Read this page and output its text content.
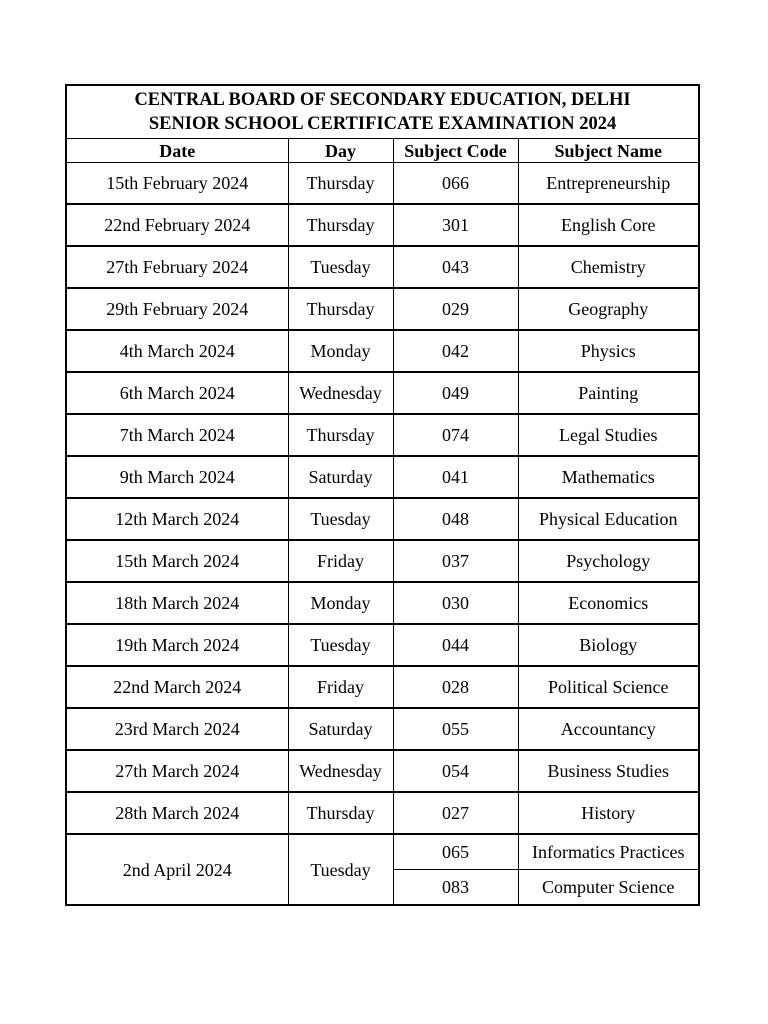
CENTRAL BOARD OF SECONDARY EDUCATION, DELHI
SENIOR SCHOOL CERTIFICATE EXAMINATION 2024			

Date	Day	Subject Code	Subject Name
15th February 2024	Thursday	066	Entrepreneurship
22nd February 2024	Thursday	301	English Core
27th February 2024	Tuesday	043	Chemistry
29th February 2024	Thursday	029	Geography
4th March 2024	Monday	042	Physics
6th March 2024	Wednesday	049	Painting
7th March 2024	Thursday	074	Legal Studies
9th March 2024	Saturday	041	Mathematics
12th March 2024	Tuesday	048	Physical Education
15th March 2024	Friday	037	Psychology
18th March 2024	Monday	030	Economics
19th March 2024	Tuesday	044	Biology
22nd March 2024	Friday	028	Political Science
23rd March 2024	Saturday	055	Accountancy
27th March 2024	Wednesday	054	Business Studies
28th March 2024	Thursday	027	History
2nd April 2024	Tuesday	065	Informatics Practices
		083	Computer Science
